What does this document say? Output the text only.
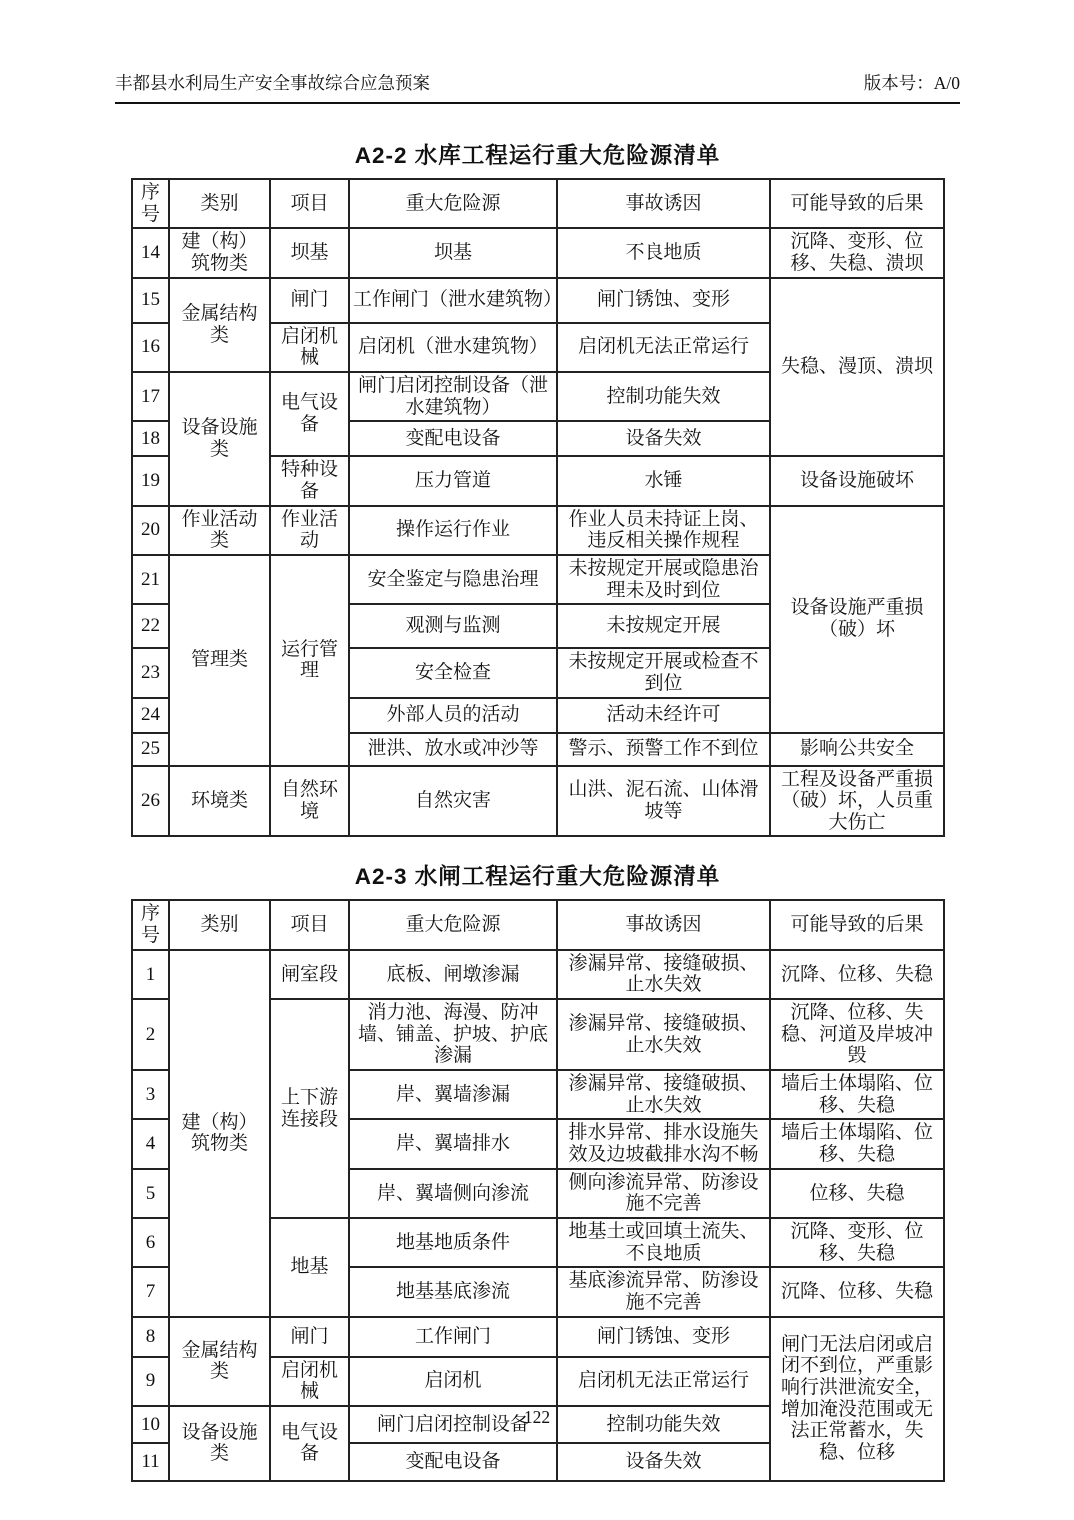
丰都县水利局生产安全事故综合应急预案	版本号：A/0
A2-2 水库工程运行重大危险源清单
序号	类别	项目	重大危险源	事故诱因	可能导致的后果
14	建（构）筑物类	坝基	坝基	不良地质	沉降、变形、位移、失稳、溃坝
15	金属结构类	闸门	工作闸门（泄水建筑物）	闸门锈蚀、变形	失稳、漫顶、溃坝
16		启闭机械	启闭机（泄水建筑物）	启闭机无法正常运行	
17	设备设施类	电气设备	闸门启闭控制设备（泄水建筑物）	控制功能失效	
18			变配电设备	设备失效	
19		特种设备	压力管道	水锤	设备设施破坏
20	作业活动类	作业活动	操作运行作业	作业人员未持证上岗、违反相关操作规程	设备设施严重损（破）坏
21	管理类	运行管理	安全鉴定与隐患治理	未按规定开展或隐患治理未及时到位	
22			观测与监测	未按规定开展	
23			安全检查	未按规定开展或检查不到位	
24			外部人员的活动	活动未经许可	
25			泄洪、放水或冲沙等	警示、预警工作不到位	影响公共安全
26	环境类	自然环境	自然灾害	山洪、泥石流、山体滑坡等	工程及设备严重损（破）坏，人员重大伤亡
A2-3 水闸工程运行重大危险源清单
序号	类别	项目	重大危险源	事故诱因	可能导致的后果
1	建（构）筑物类	闸室段	底板、闸墩渗漏	渗漏异常、接缝破损、止水失效	沉降、位移、失稳
2		上下游连接段	消力池、海漫、防冲墙、铺盖、护坡、护底渗漏	渗漏异常、接缝破损、止水失效	沉降、位移、失稳、河道及岸坡冲毁
3			岸、翼墙渗漏	渗漏异常、接缝破损、止水失效	墙后土体塌陷、位移、失稳
4			岸、翼墙排水	排水异常、排水设施失效及边坡截排水沟不畅	墙后土体塌陷、位移、失稳
5			岸、翼墙侧向渗流	侧向渗流异常、防渗设施不完善	位移、失稳
6		地基	地基地质条件	地基土或回填土流失、不良地质	沉降、变形、位移、失稳
7			地基基底渗流	基底渗流异常、防渗设施不完善	沉降、位移、失稳
8	金属结构类	闸门	工作闸门	闸门锈蚀、变形	闸门无法启闭或启闭不到位，严重影响行洪泄流安全，增加淹没范围或无法正常蓄水，失稳、位移
9		启闭机械	启闭机	启闭机无法正常运行	
10	设备设施类	电气设备	闸门启闭控制设备	控制功能失效	
11			变配电设备	设备失效	
122
